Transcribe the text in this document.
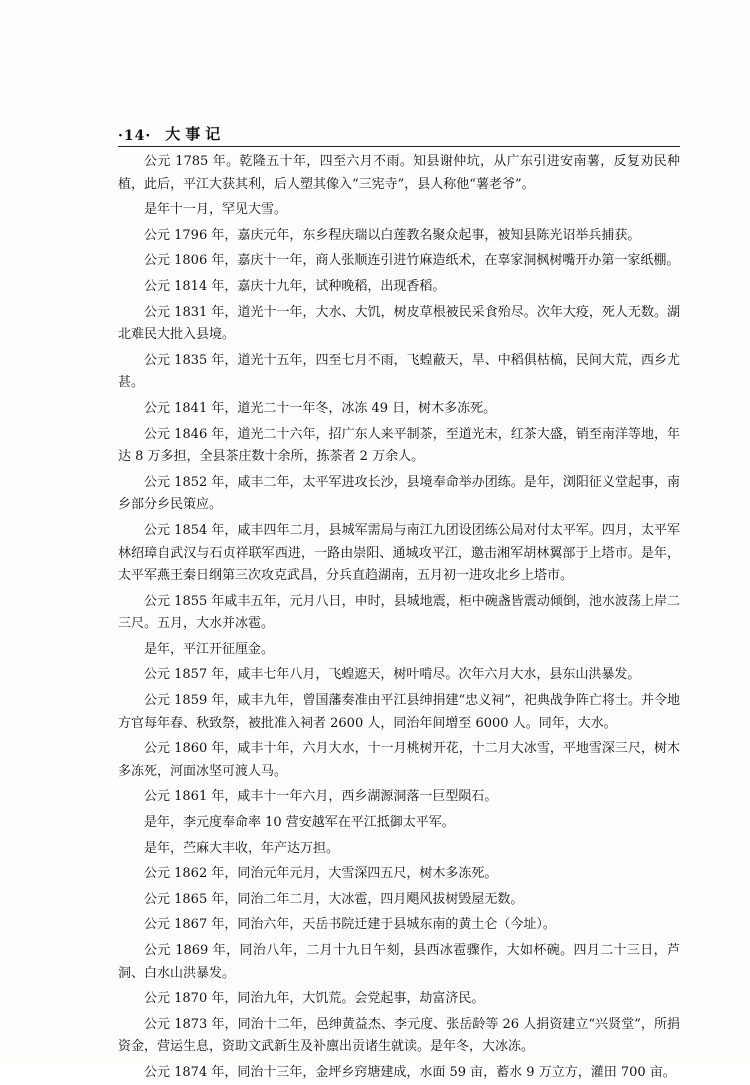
·14· 大事记

公元 1785 年。乾隆五十年，四至六月不雨。知县谢仲坑，从广东引进安南薯，反复劝民种植，此后，平江大获其利，后人塑其像入“三宪寺”，县人称他“薯老爷”。

是年十一月，罕见大雪。

公元 1796 年，嘉庆元年，东乡程庆瑞以白莲教名聚众起事，被知县陈光诏举兵捕获。

公元 1806 年，嘉庆十一年，商人张顺连引进竹麻造纸术，在辜家洞枫树嘴开办第一家纸棚。

公元 1814 年，嘉庆十九年，试种晚稻，出现香稻。

公元 1831 年，道光十一年，大水、大饥，树皮草根被民采食殆尽。次年大疫，死人无数。湖北难民大批入县境。

公元 1835 年，道光十五年，四至七月不雨，飞蝗蔽天，旱、中稻俱枯槁，民间大荒，西乡尤甚。

公元 1841 年，道光二十一年冬，冰冻 49 日，树木多冻死。

公元 1846 年，道光二十六年，招广东人来平制茶，至道光末，红茶大盛，销至南洋等地，年达 8 万多担，全县茶庄数十余所，拣茶者 2 万余人。

公元 1852 年，咸丰二年，太平军进攻长沙，县境奉命举办团练。是年，浏阳征义堂起事，南乡部分乡民策应。

公元 1854 年，咸丰四年二月，县城军需局与南江九团设团练公局对付太平军。四月，太平军林绍璋自武汉与石贞祥联军西进，一路由崇阳、通城攻平江，邀击湘军胡林翼部于上塔市。是年，太平军燕王秦日纲第三次攻克武昌，分兵直趋湖南，五月初一进攻北乡上塔市。

公元 1855 年咸丰五年，元月八日，申时，县城地震，柜中碗盏皆震动倾倒，池水波荡上岸二三尺。五月，大水并冰雹。

是年，平江开征厘金。

公元 1857 年，咸丰七年八月，飞蝗遮天，树叶啃尽。次年六月大水，县东山洪暴发。

公元 1859 年，咸丰九年，曾国藩奏准由平江县绅捐建“忠义祠”，祀典战争阵亡将士。并令地方官每年春、秋致祭，被批准入祠者 2600 人，同治年间增至 6000 人。同年，大水。

公元 1860 年，咸丰十年，六月大水，十一月桃树开花，十二月大冰雪，平地雪深三尺，树木多冻死，河面冰坚可渡人马。

公元 1861 年，咸丰十一年六月，西乡湖源洞落一巨型陨石。

是年，李元度奉命率 10 营安越军在平江抵御太平军。

是年，苎麻大丰收，年产达万担。

公元 1862 年，同治元年元月，大雪深四五尺，树木多冻死。

公元 1865 年，同治二年二月，大冰雹，四月飓风拔树毁屋无数。

公元 1867 年，同治六年，天岳书院迁建于县城东南的黄土仑（今址）。

公元 1869 年，同治八年，二月十九日午刻，县西冰雹骤作，大如杯碗。四月二十三日，芦洞、白水山洪暴发。

公元 1870 年，同治九年，大饥荒。会党起事，劫富济民。

公元 1873 年，同治十二年，邑绅黄益杰、李元度、张岳龄等 26 人捐资建立“兴贤堂”，所捐资金，营运生息，资助文武新生及补廪出贡诸生就读。是年冬，大冰冻。

公元 1874 年，同治十三年，金坪乡窍塘建成，水面 59 亩，蓄水 9 万立方，灌田 700 亩。
